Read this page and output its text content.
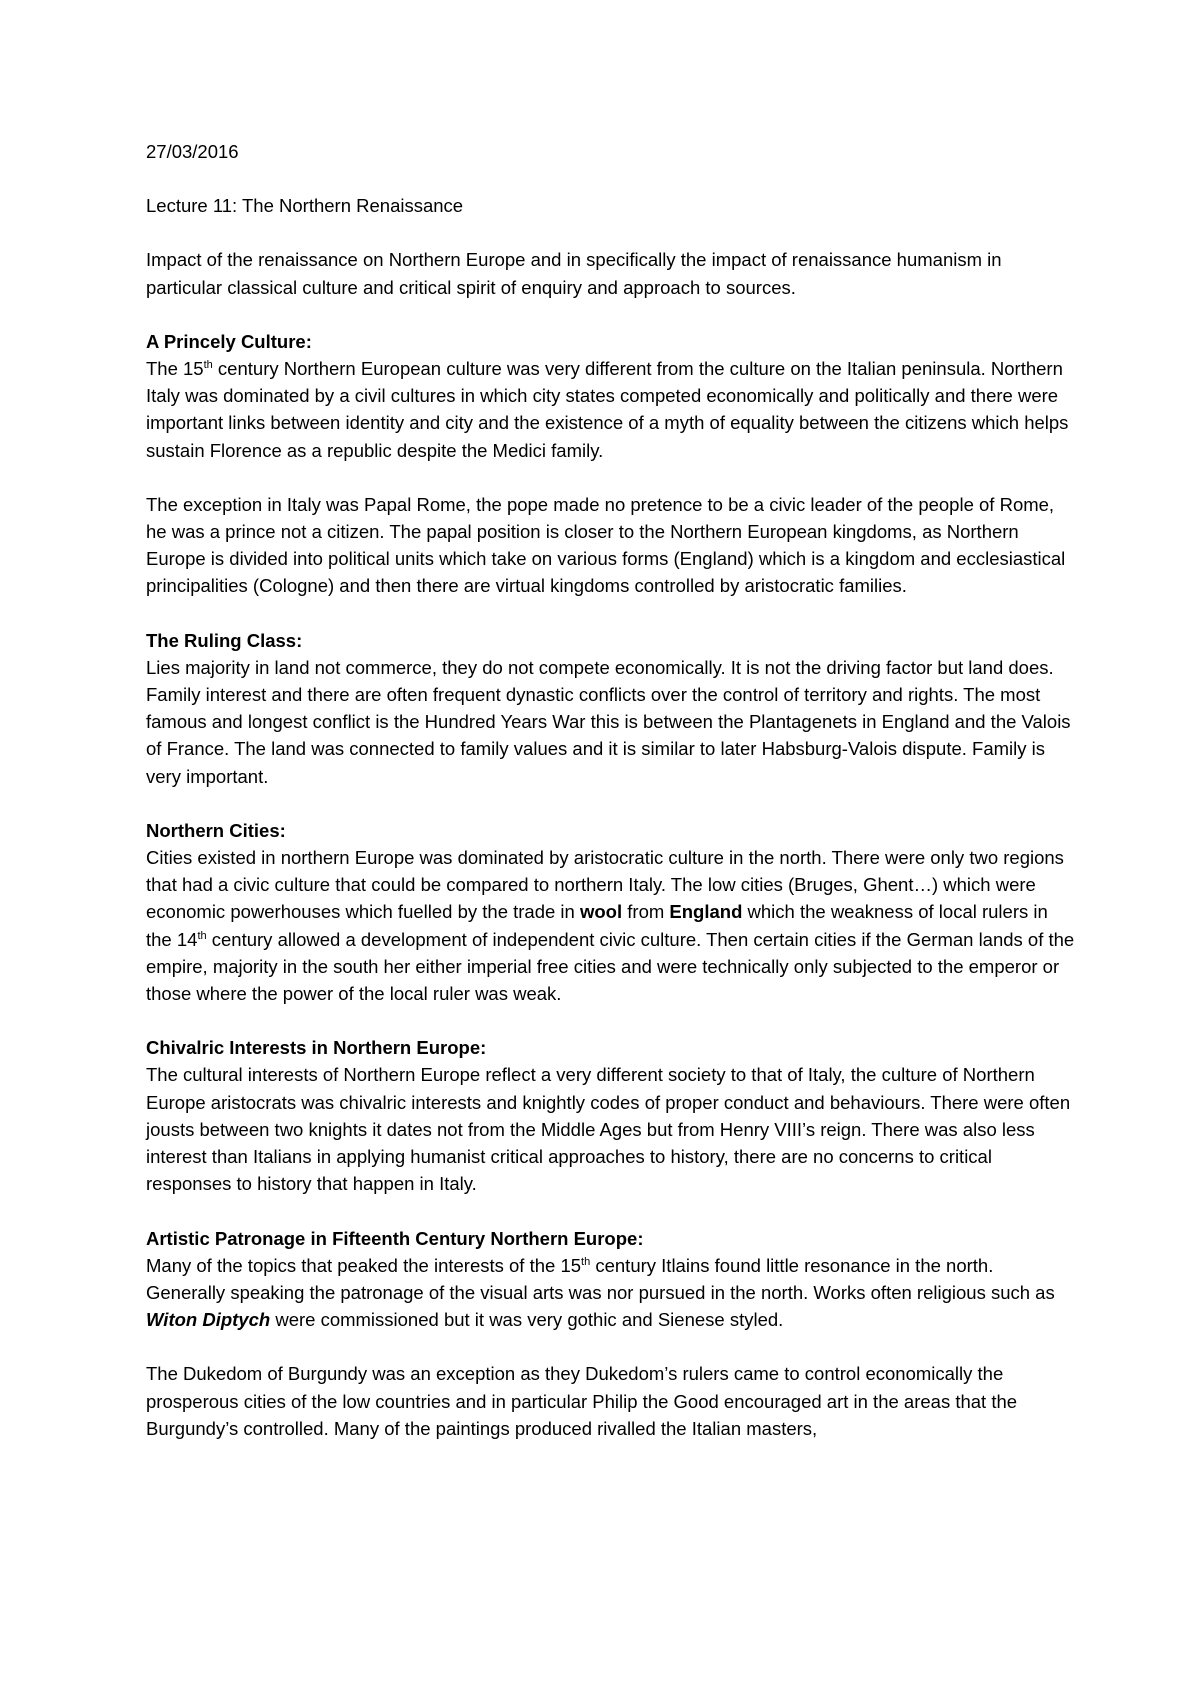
27/03/2016

Lecture 11: The Northern Renaissance

Impact of the renaissance on Northern Europe and in specifically the impact of renaissance humanism in particular classical culture and critical spirit of enquiry and approach to sources.

A Princely Culture:
The 15th century Northern European culture was very different from the culture on the Italian peninsula. Northern Italy was dominated by a civil cultures in which city states competed economically and politically and there were important links between identity and city and the existence of a myth of equality between the citizens which helps sustain Florence as a republic despite the Medici family.

The exception in Italy was Papal Rome, the pope made no pretence to be a civic leader of the people of Rome, he was a prince not a citizen. The papal position is closer to the Northern European kingdoms, as Northern Europe is divided into political units which take on various forms (England) which is a kingdom and ecclesiastical principalities (Cologne) and then there are virtual kingdoms controlled by aristocratic families.

The Ruling Class:
Lies majority in land not commerce, they do not compete economically. It is not the driving factor but land does. Family interest and there are often frequent dynastic conflicts over the control of territory and rights. The most famous and longest conflict is the Hundred Years War this is between the Plantagenets in England and the Valois of France. The land was connected to family values and it is similar to later Habsburg-Valois dispute. Family is very important.

Northern Cities:
Cities existed in northern Europe was dominated by aristocratic culture in the north. There were only two regions that had a civic culture that could be compared to northern Italy. The low cities (Bruges, Ghent…) which were economic powerhouses which fuelled by the trade in wool from England which the weakness of local rulers in the 14th century allowed a development of independent civic culture. Then certain cities if the German lands of the empire, majority in the south her either imperial free cities and were technically only subjected to the emperor or those where the power of the local ruler was weak.

Chivalric Interests in Northern Europe:
The cultural interests of Northern Europe reflect a very different society to that of Italy, the culture of Northern Europe aristocrats was chivalric interests and knightly codes of proper conduct and behaviours. There were often jousts between two knights it dates not from the Middle Ages but from Henry VIII’s reign. There was also less interest than Italians in applying humanist critical approaches to history, there are no concerns to critical responses to history that happen in Italy.

Artistic Patronage in Fifteenth Century Northern Europe:
Many of the topics that peaked the interests of the 15th century Itlains found little resonance in the north. Generally speaking the patronage of the visual arts was nor pursued in the north. Works often religious such as Witon Diptych were commissioned but it was very gothic and Sienese styled.

The Dukedom of Burgundy was an exception as they Dukedom’s rulers came to control economically the prosperous cities of the low countries and in particular Philip the Good encouraged art in the areas that the Burgundy’s controlled. Many of the paintings produced rivalled the Italian masters,
